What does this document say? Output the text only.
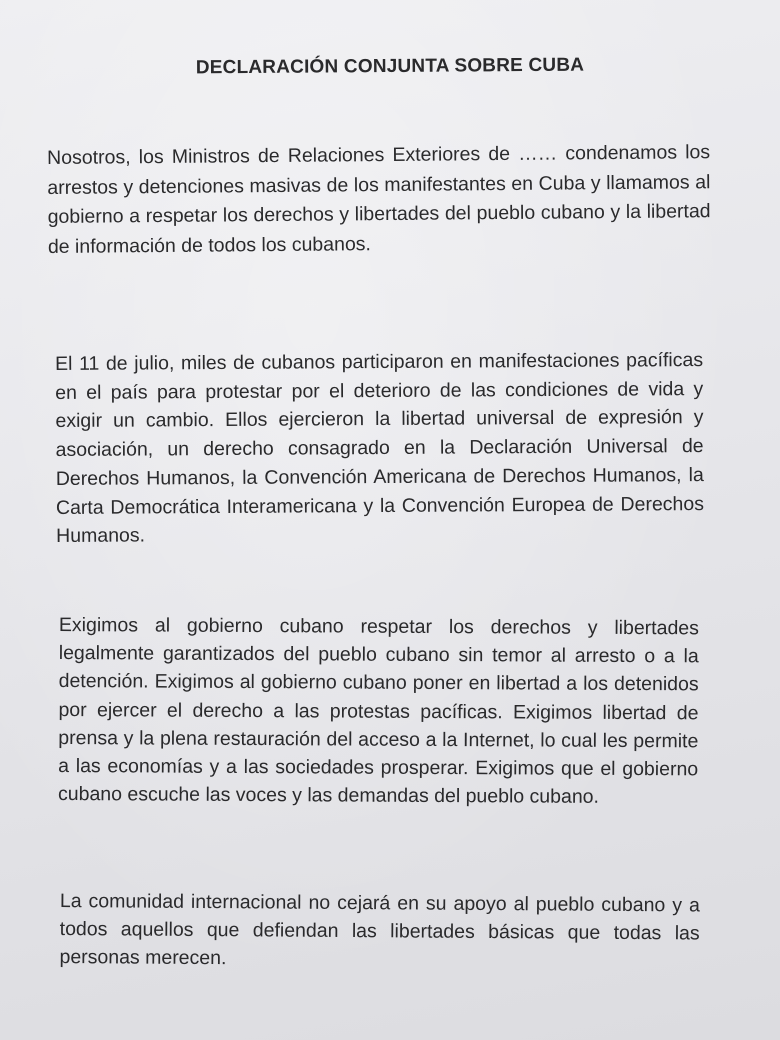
DECLARACIÓN CONJUNTA SOBRE CUBA

Nosotros, los Ministros de Relaciones Exteriores de …… condenamos los arrestos y detenciones masivas de los manifestantes en Cuba y llamamos al gobierno a respetar los derechos y libertades del pueblo cubano y la libertad de información de todos los cubanos.

El 11 de julio, miles de cubanos participaron en manifestaciones pacíficas en el país para protestar por el deterioro de las condiciones de vida y exigir un cambio. Ellos ejercieron la libertad universal de expresión y asociación, un derecho consagrado en la Declaración Universal de Derechos Humanos, la Convención Americana de Derechos Humanos, la Carta Democrática Interamericana y la Convención Europea de Derechos Humanos.

Exigimos al gobierno cubano respetar los derechos y libertades legalmente garantizados del pueblo cubano sin temor al arresto o a la detención. Exigimos al gobierno cubano poner en libertad a los detenidos por ejercer el derecho a las protestas pacíficas. Exigimos libertad de prensa y la plena restauración del acceso a la Internet, lo cual les permite a las economías y a las sociedades prosperar. Exigimos que el gobierno cubano escuche las voces y las demandas del pueblo cubano.

La comunidad internacional no cejará en su apoyo al pueblo cubano y a todos aquellos que defiendan las libertades básicas que todas las personas merecen.
